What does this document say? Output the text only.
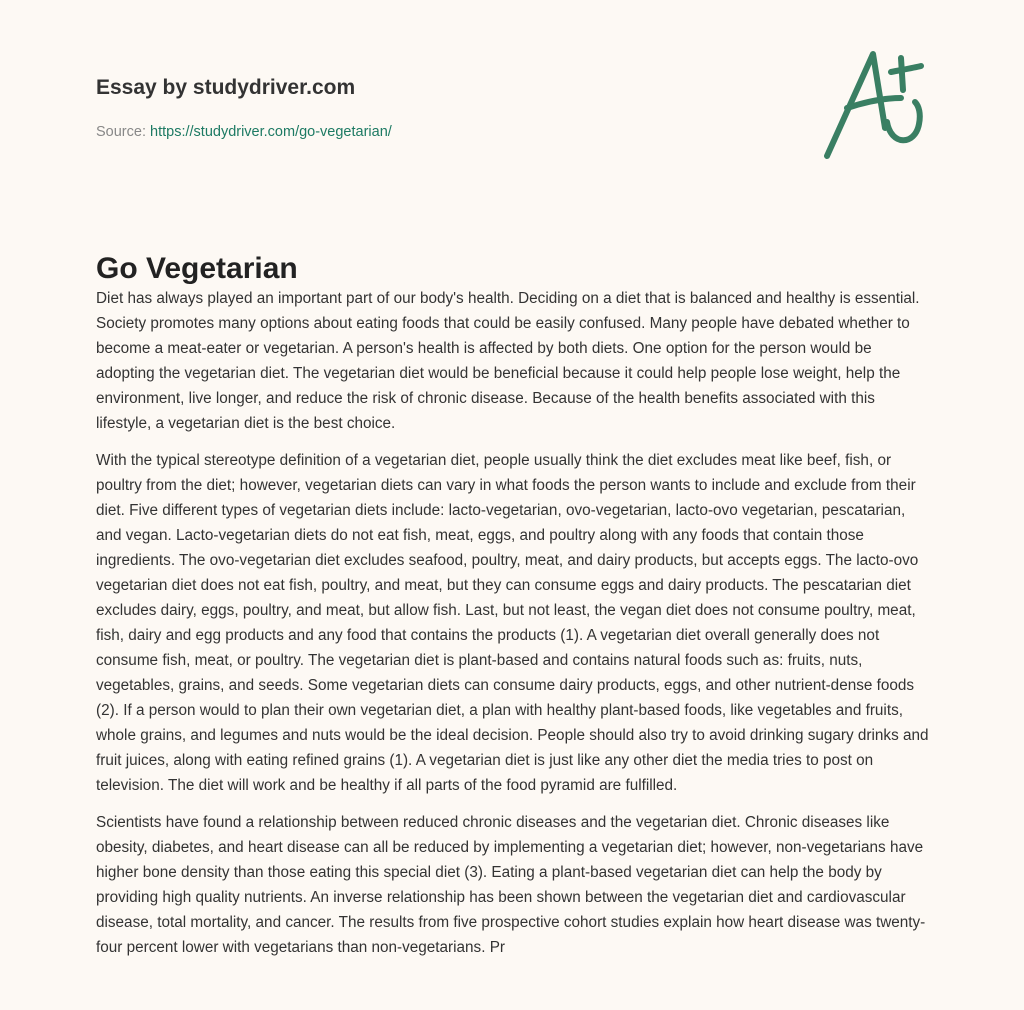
Essay by studydriver.com
Source: https://studydriver.com/go-vegetarian/
Go Vegetarian

Diet has always played an important part of our body's health. Deciding on a diet that is balanced and healthy is essential. Society promotes many options about eating foods that could be easily confused. Many people have debated whether to become a meat-eater or vegetarian. A person's health is affected by both diets. One option for the person would be adopting the vegetarian diet. The vegetarian diet would be beneficial because it could help people lose weight, help the environment, live longer, and reduce the risk of chronic disease. Because of the health benefits associated with this lifestyle, a vegetarian diet is the best choice.

With the typical stereotype definition of a vegetarian diet, people usually think the diet excludes meat like beef, fish, or poultry from the diet; however, vegetarian diets can vary in what foods the person wants to include and exclude from their diet. Five different types of vegetarian diets include: lacto-vegetarian, ovo-vegetarian, lacto-ovo vegetarian, pescatarian, and vegan. Lacto-vegetarian diets do not eat fish, meat, eggs, and poultry along with any foods that contain those ingredients. The ovo-vegetarian diet excludes seafood, poultry, meat, and dairy products, but accepts eggs. The lacto-ovo vegetarian diet does not eat fish, poultry, and meat, but they can consume eggs and dairy products. The pescatarian diet excludes dairy, eggs, poultry, and meat, but allow fish. Last, but not least, the vegan diet does not consume poultry, meat, fish, dairy and egg products and any food that contains the products (1). A vegetarian diet overall generally does not consume fish, meat, or poultry. The vegetarian diet is plant-based and contains natural foods such as: fruits, nuts, vegetables, grains, and seeds. Some vegetarian diets can consume dairy products, eggs, and other nutrient-dense foods (2). If a person would to plan their own vegetarian diet, a plan with healthy plant-based foods, like vegetables and fruits, whole grains, and legumes and nuts would be the ideal decision. People should also try to avoid drinking sugary drinks and fruit juices, along with eating refined grains (1). A vegetarian diet is just like any other diet the media tries to post on television. The diet will work and be healthy if all parts of the food pyramid are fulfilled.

Scientists have found a relationship between reduced chronic diseases and the vegetarian diet. Chronic diseases like obesity, diabetes, and heart disease can all be reduced by implementing a vegetarian diet; however, non-vegetarians have higher bone density than those eating this special diet (3). Eating a plant-based vegetarian diet can help the body by providing high quality nutrients. An inverse relationship has been shown between the vegetarian diet and cardiovascular disease, total mortality, and cancer. The results from five prospective cohort studies explain how heart disease was twenty-four percent lower with vegetarians than non-vegetarians. Pr
